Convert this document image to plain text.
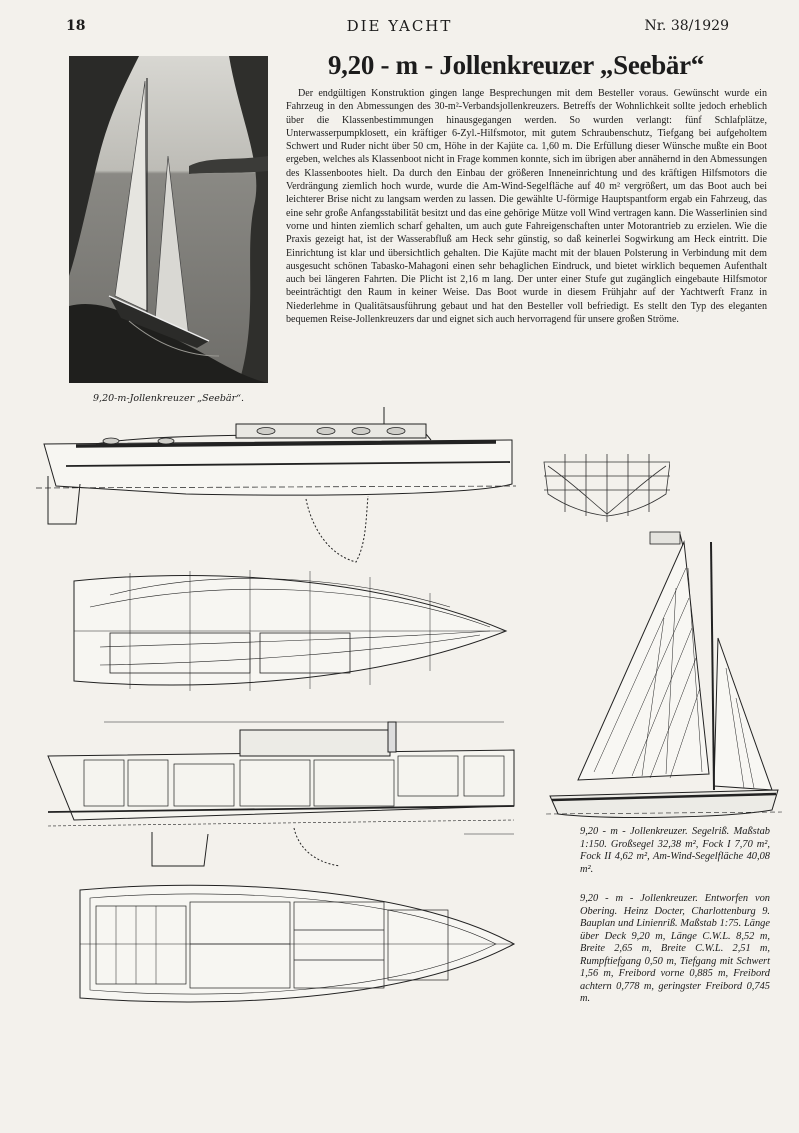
18	DIE YACHT	Nr. 38/1929
9,20-m-Jollenkreuzer „Seebär“.
9,20 - m - Jollenkreuzer „Seebär“

Der endgültigen Konstruktion gingen lange Besprechungen mit dem Besteller voraus. Gewünscht wurde ein Fahrzeug in den Abmessungen des 30-m²-Verbandsjollenkreuzers. Betreffs der Wohnlichkeit sollte jedoch erheblich über die Klassenbestimmungen hinausgegangen werden. So wurden verlangt: fünf Schlafplätze, Unterwasserpumpklosett, ein kräftiger 6-Zyl.-Hilfsmotor, mit gutem Schraubenschutz, Tiefgang bei aufgeholtem Schwert und Ruder nicht über 50 cm, Höhe in der Kajüte ca. 1,60 m. Die Erfüllung dieser Wünsche mußte ein Boot ergeben, welches als Klassenboot nicht in Frage kommen konnte, sich im übrigen aber annähernd in den Abmessungen des Klassenbootes hielt. Da durch den Einbau der größeren Inneneinrichtung und des kräftigen Hilfsmotors die Verdrängung ziemlich hoch wurde, wurde die Am-Wind-Segelfläche auf 40 m² vergrößert, um das Boot auch bei leichterer Brise nicht zu langsam werden zu lassen. Die gewählte U-förmige Hauptspantform ergab ein Fahrzeug, das eine sehr große Anfangsstabilität besitzt und das eine gehörige Mütze voll Wind vertragen kann. Die Wasserlinien sind vorne und hinten ziemlich scharf gehalten, um auch gute Fahreigenschaften unter Motorantrieb zu erzielen. Wie die Praxis gezeigt hat, ist der Wasserabfluß am Heck sehr günstig, so daß keinerlei Sogwirkung am Heck eintritt. Die Einrichtung ist klar und übersichtlich gehalten. Die Kajüte macht mit der blauen Polsterung in Verbindung mit dem ausgesucht schönen Tabasko-Mahagoni einen sehr behaglichen Eindruck, und bietet wirklich bequemen Aufenthalt auch bei längeren Fahrten. Die Plicht ist 2,16 m lang. Der unter einer Stufe gut zugänglich eingebaute Hilfsmotor beeinträchtigt den Raum in keiner Weise. Das Boot wurde in diesem Frühjahr auf der Yachtwerft Franz in Niederlehme in Qualitätsausführung gebaut und hat den Besteller voll befriedigt. Es stellt den Typ des eleganten bequemen Reise-Jollenkreuzers dar und eignet sich auch hervorragend für unsere großen Ströme.

9,20 - m - Jollenkreuzer. Segelriß. Maßstab 1:150. Großsegel 32,38 m², Fock I 7,70 m², Fock II 4,62 m², Am-Wind-Segelfläche 40,08 m².
9,20 - m - Jollenkreuzer. Entworfen von Obering. Heinz Docter, Charlottenburg 9. Bauplan und Linienriß. Maßstab 1:75. Länge über Deck 9,20 m, Länge C.W.L. 8,52 m, Breite 2,65 m, Breite C.W.L. 2,51 m, Rumpftiefgang 0,50 m, Tiefgang mit Schwert 1,56 m, Freibord vorne 0,885 m, Freibord achtern 0,778 m, geringster Freibord 0,745 m.
